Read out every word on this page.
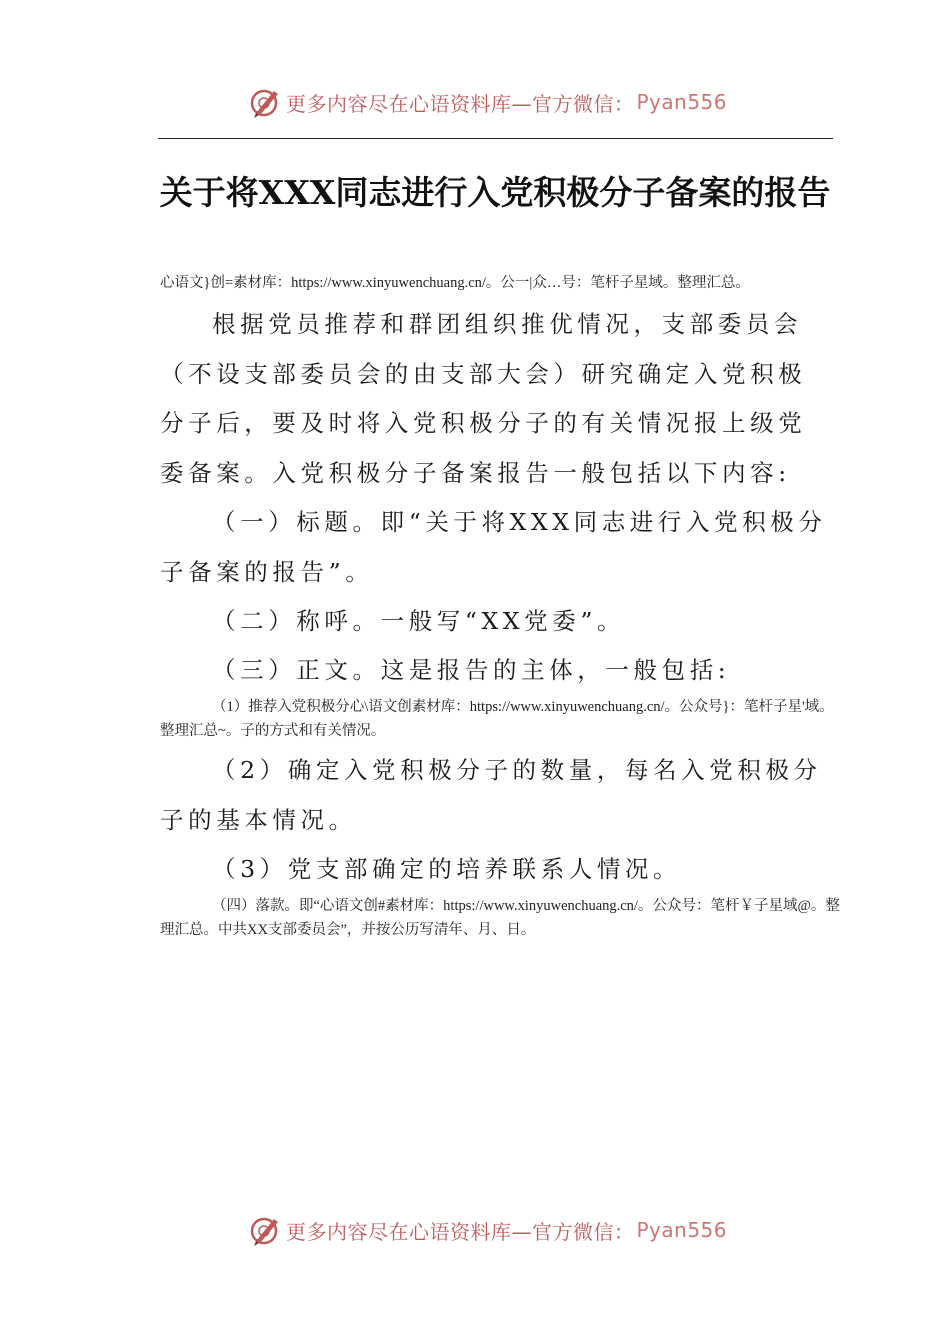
更多内容尽在心语资料库—官方微信： Pyan556
关于将XXX同志进行入党积极分子备案的报告
心语文}创=素材库：https://www.xinyuwenchuang.cn/。公一|众…号：笔杆子星域。整理汇总。

根据党员推荐和群团组织推优情况，支部委员会（不设支部委员会的由支部大会）研究确定入党积极分子后，要及时将入党积极分子的有关情况报上级党委备案。入党积极分子备案报告一般包括以下内容:

（一）标题。即“关于将XXX同志进行入党积极分子备案的报告”。

（二）称呼。一般写“XX党委”。

（三）正文。这是报告的主体，一般包括:

（1）推荐入党积极分心\语文创素材库：https://www.xinyuwenchuang.cn/。公众号}：笔杆子星'域。整理汇总~。子的方式和有关情况。

（2）确定入党积极分子的数量，每名入党积极分子的基本情况。

（3）党支部确定的培养联系人情况。

（四）落款。即“心语文创#素材库：https://www.xinyuwenchuang.cn/。公众号：笔杆￥子星域@。整理汇总。中共XX支部委员会”，并按公历写清年、月、日。
更多内容尽在心语资料库—官方微信： Pyan556
